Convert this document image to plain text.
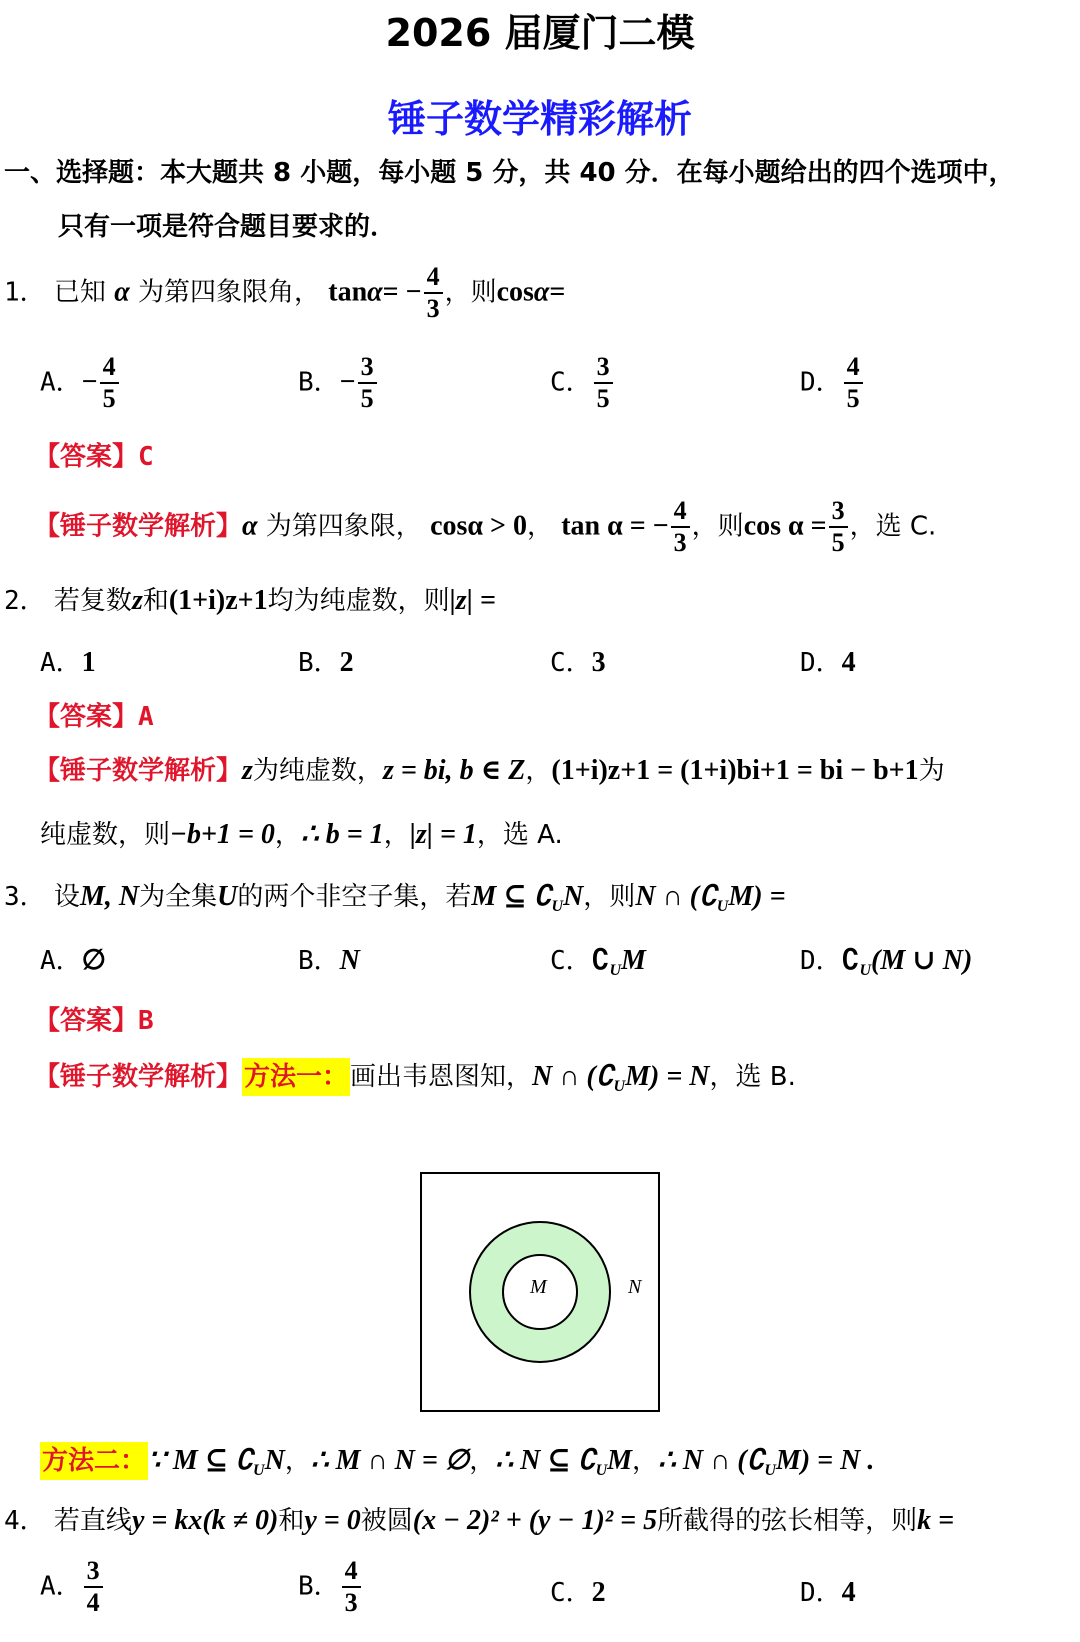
2026 届厦门二模
锤子数学精彩解析
一、选择题：本大题共 8 小题，每小题 5 分，共 40 分．在每小题给出的四个选项中，
只有一项是符合题目要求的．
1． 已知 α 为第四象限角， $\tan\alpha= - \frac{4}{3}$ ，则cosα=
A．− $\frac{4}{5}$	B．− $\frac{3}{5}$	C． $\frac{3}{5}$	D． $\frac{4}{5}$
【答案】C
【锤子数学解析】α 为第四象限， cosα > 0， tan α = − $\frac{4}{3}$ ，则$\cos \alpha = \frac{3}{5}$ ，选 C.
2． 若复数z和(1+i)z+1均为纯虚数，则|z| =
A．1	B．2	C．3	D．4
【答案】A
【锤子数学解析】z为纯虚数，z = bi, b ∈ Z，(1+i)z+1 = (1+i)bi+1 = bi − b+1为
纯虚数，则−b+1 = 0，∴ b = 1，|z| = 1，选 A.
3． 设M, N为全集U的两个非空子集，若M ⊆ $∁_UN$，则N ∩ $(∁_UM)$ =
A．∅	B．N	C．$∁_UM$	D．$∁_U(M$ ∪ N)
【答案】B
【锤子数学解析】方法一：画出韦恩图知，N ∩ $(∁_UM) = N$，选 B.
M	N
方法二：∵ M ⊆ $∁_UN$，∴ M ∩ N = ∅，∴ N ⊆ $∁_UM$，∴ N ∩ $(∁_UM) = N$ .
4． 若直线y = kx(k ≠ 0)和y = 0被圆(x − 2)² + (y − 1)² = 5所截得的弦长相等，则k =
A． $\frac{3}{4}$	B． $\frac{4}{3}$	C．2	D．4
